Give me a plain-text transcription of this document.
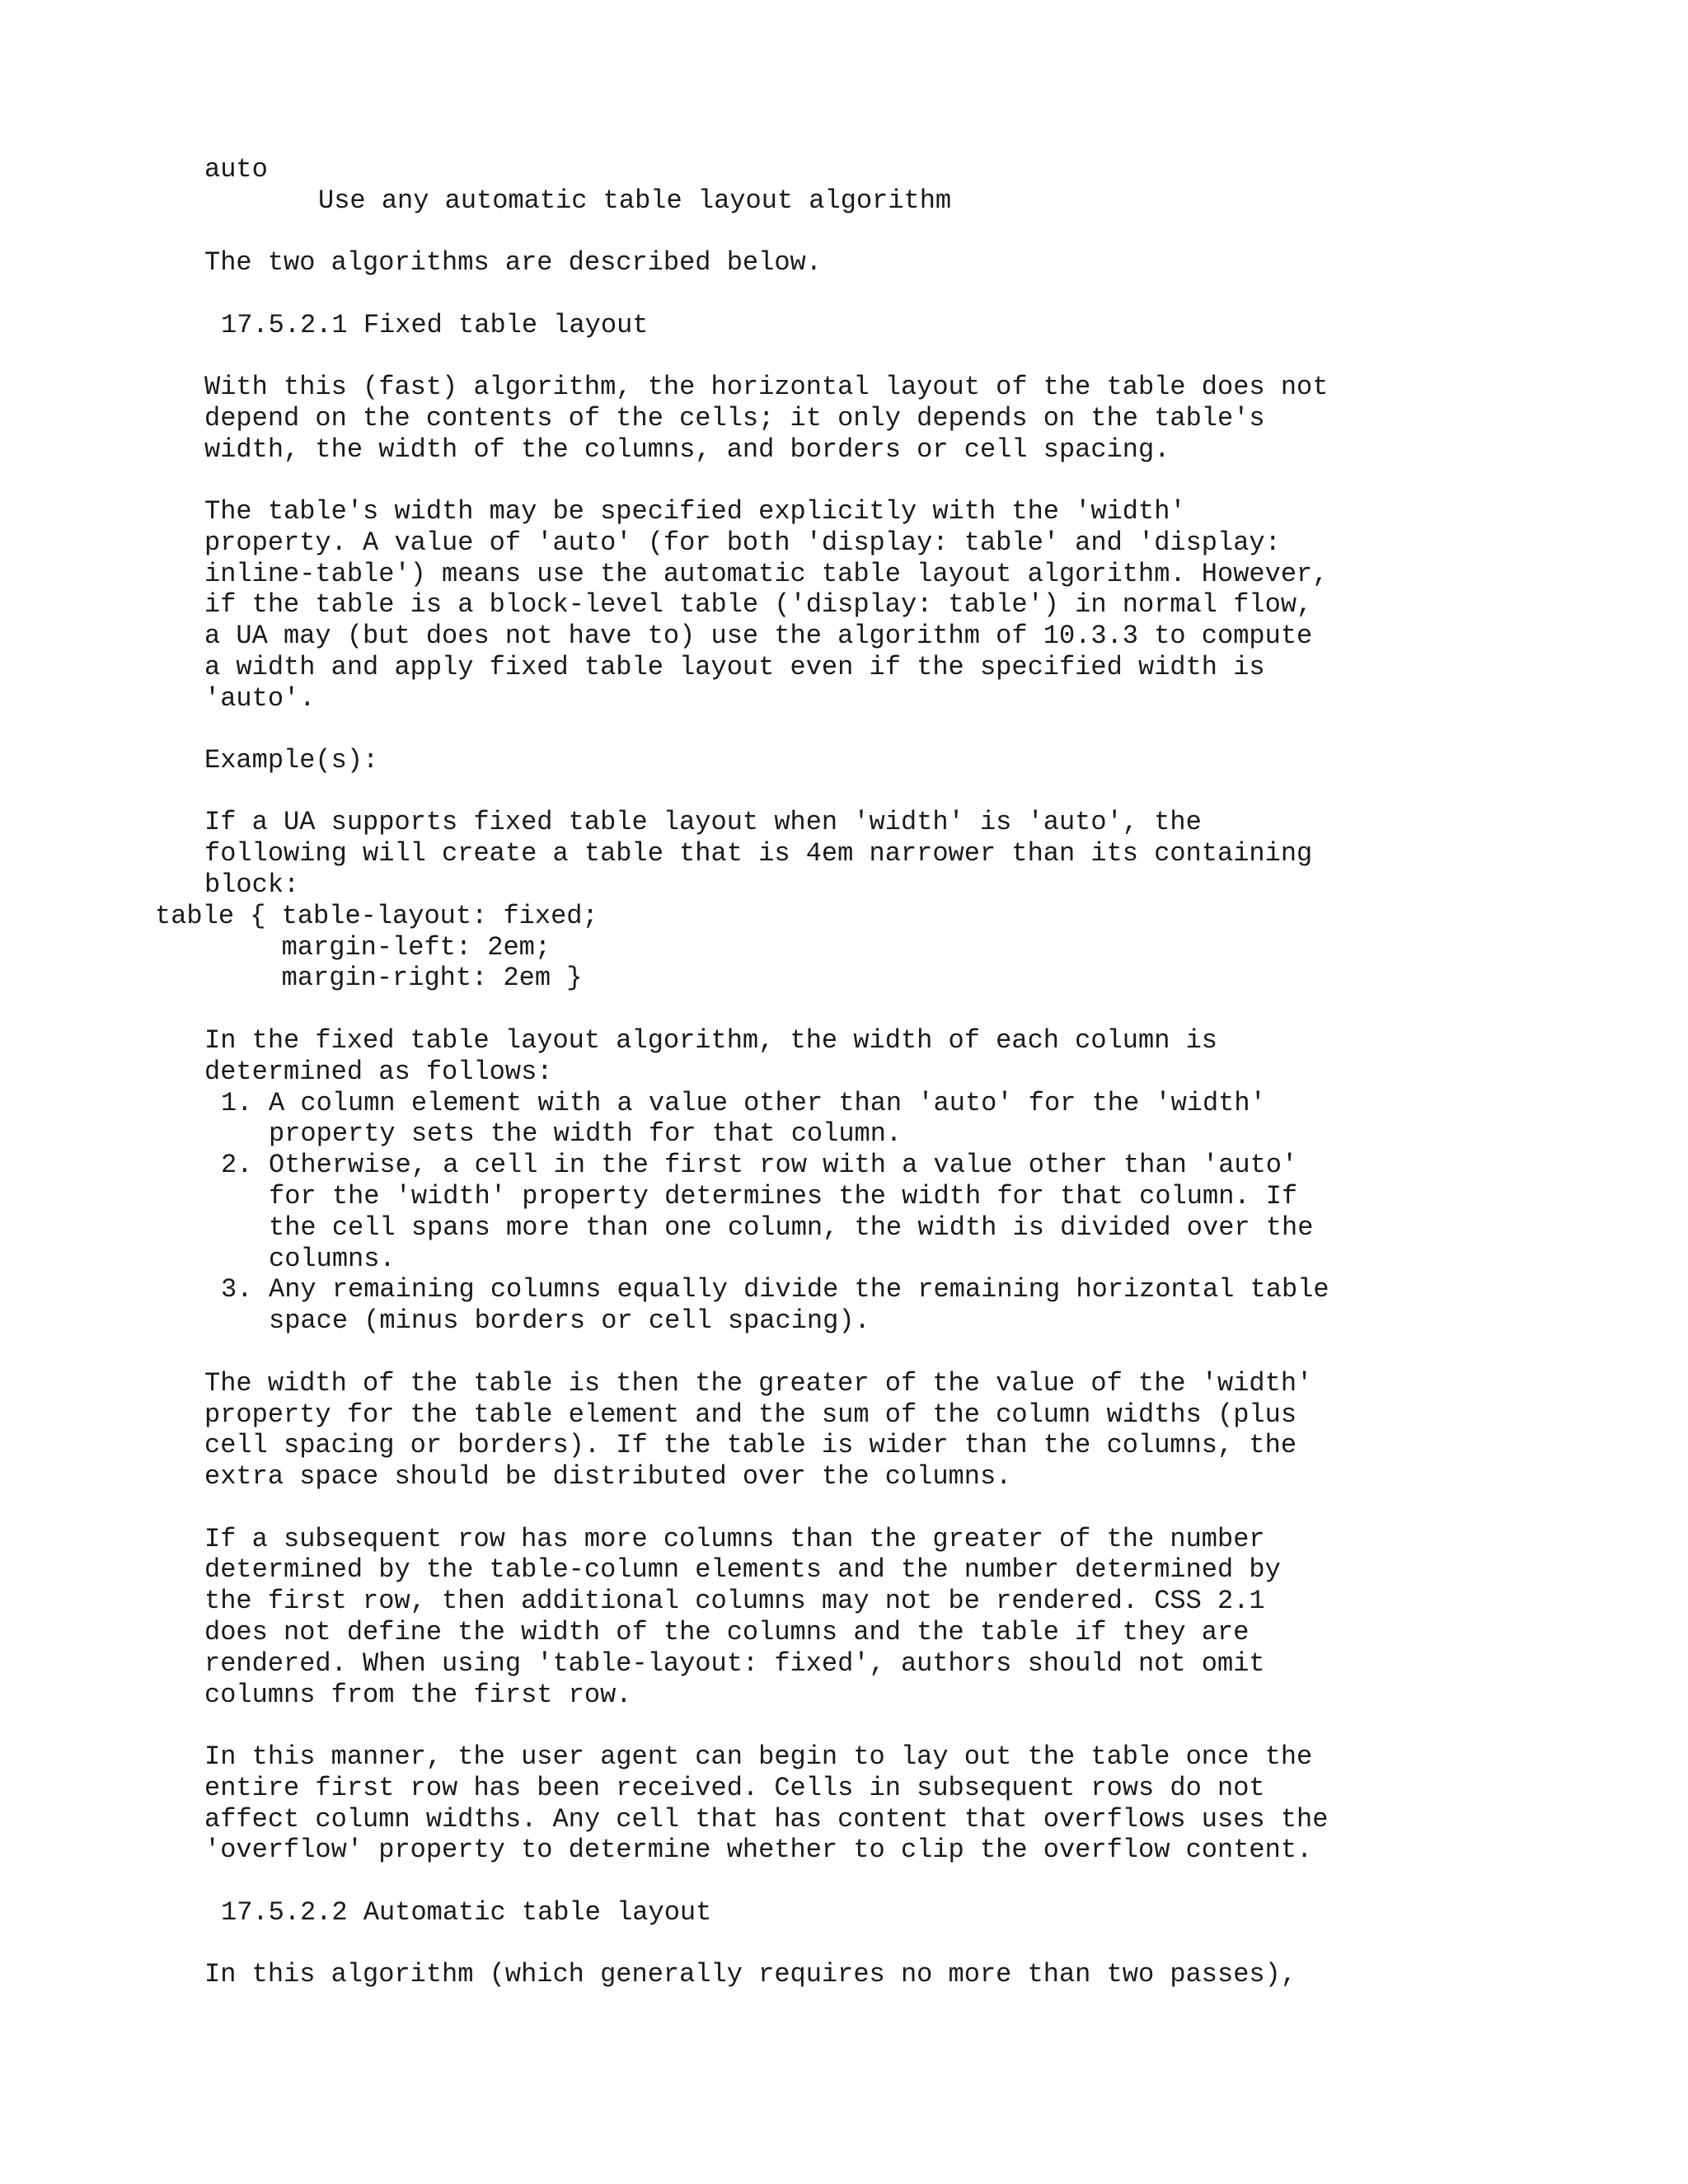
auto
Use any automatic table layout algorithm
The two algorithms are described below.
17.5.2.1 Fixed table layout
With this (fast) algorithm, the horizontal layout of the table does not
depend on the contents of the cells; it only depends on the table's
width, the width of the columns, and borders or cell spacing.
The table's width may be specified explicitly with the 'width'
property. A value of 'auto' (for both 'display: table' and 'display:
inline-table') means use the automatic table layout algorithm. However,
if the table is a block-level table ('display: table') in normal flow,
a UA may (but does not have to) use the algorithm of 10.3.3 to compute
a width and apply fixed table layout even if the specified width is
'auto'.
Example(s):
If a UA supports fixed table layout when 'width' is 'auto', the
following will create a table that is 4em narrower than its containing
block:
table { table-layout: fixed;
margin-left: 2em;
margin-right: 2em }
In the fixed table layout algorithm, the width of each column is
determined as follows:
1. A column element with a value other than 'auto' for the 'width'
property sets the width for that column.
2. Otherwise, a cell in the first row with a value other than 'auto'
for the 'width' property determines the width for that column. If
the cell spans more than one column, the width is divided over the
columns.
3. Any remaining columns equally divide the remaining horizontal table
space (minus borders or cell spacing).
The width of the table is then the greater of the value of the 'width'
property for the table element and the sum of the column widths (plus
cell spacing or borders). If the table is wider than the columns, the
extra space should be distributed over the columns.
If a subsequent row has more columns than the greater of the number
determined by the table-column elements and the number determined by
the first row, then additional columns may not be rendered. CSS 2.1
does not define the width of the columns and the table if they are
rendered. When using 'table-layout: fixed', authors should not omit
columns from the first row.
In this manner, the user agent can begin to lay out the table once the
entire first row has been received. Cells in subsequent rows do not
affect column widths. Any cell that has content that overflows uses the
'overflow' property to determine whether to clip the overflow content.
17.5.2.2 Automatic table layout
In this algorithm (which generally requires no more than two passes),
